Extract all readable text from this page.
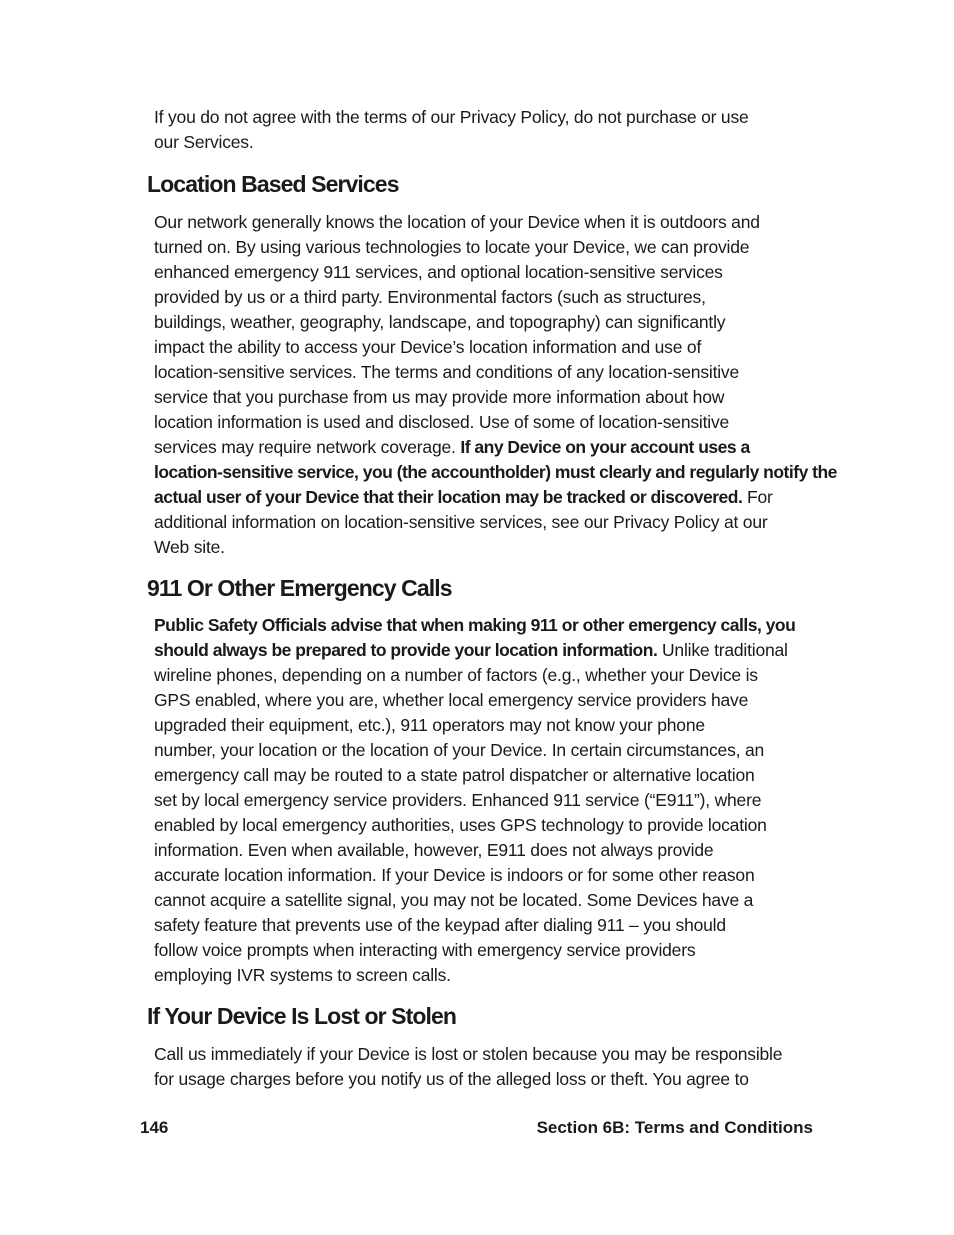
If you do not agree with the terms of our Privacy Policy, do not purchase or use
our Services.
Location Based Services
Our network generally knows the location of your Device when it is outdoors and
turned on. By using various technologies to locate your Device, we can provide
enhanced emergency 911 services, and optional location-sensitive services
provided by us or a third party. Environmental factors (such as structures,
buildings, weather, geography, landscape, and topography) can significantly
impact the ability to access your Device’s location information and use of
location-sensitive services. The terms and conditions of any location-sensitive
service that you purchase from us may provide more information about how
location information is used and disclosed. Use of some of location-sensitive
services may require network coverage. If any Device on your account uses a
location-sensitive service, you (the accountholder) must clearly and regularly notify the
actual user of your Device that their location may be tracked or discovered. For
additional information on location-sensitive services, see our Privacy Policy at our
Web site.
911 Or Other Emergency Calls
Public Safety Officials advise that when making 911 or other emergency calls, you
should always be prepared to provide your location information. Unlike traditional
wireline phones, depending on a number of factors (e.g., whether your Device is
GPS enabled, where you are, whether local emergency service providers have
upgraded their equipment, etc.), 911 operators may not know your phone
number, your location or the location of your Device. In certain circumstances, an
emergency call may be routed to a state patrol dispatcher or alternative location
set by local emergency service providers. Enhanced 911 service (“E911”), where
enabled by local emergency authorities, uses GPS technology to provide location
information. Even when available, however, E911 does not always provide
accurate location information. If your Device is indoors or for some other reason
cannot acquire a satellite signal, you may not be located. Some Devices have a
safety feature that prevents use of the keypad after dialing 911 – you should
follow voice prompts when interacting with emergency service providers
employing IVR systems to screen calls.
If Your Device Is Lost or Stolen
Call us immediately if your Device is lost or stolen because you may be responsible
for usage charges before you notify us of the alleged loss or theft. You agree to
146	Section 6B: Terms and Conditions
